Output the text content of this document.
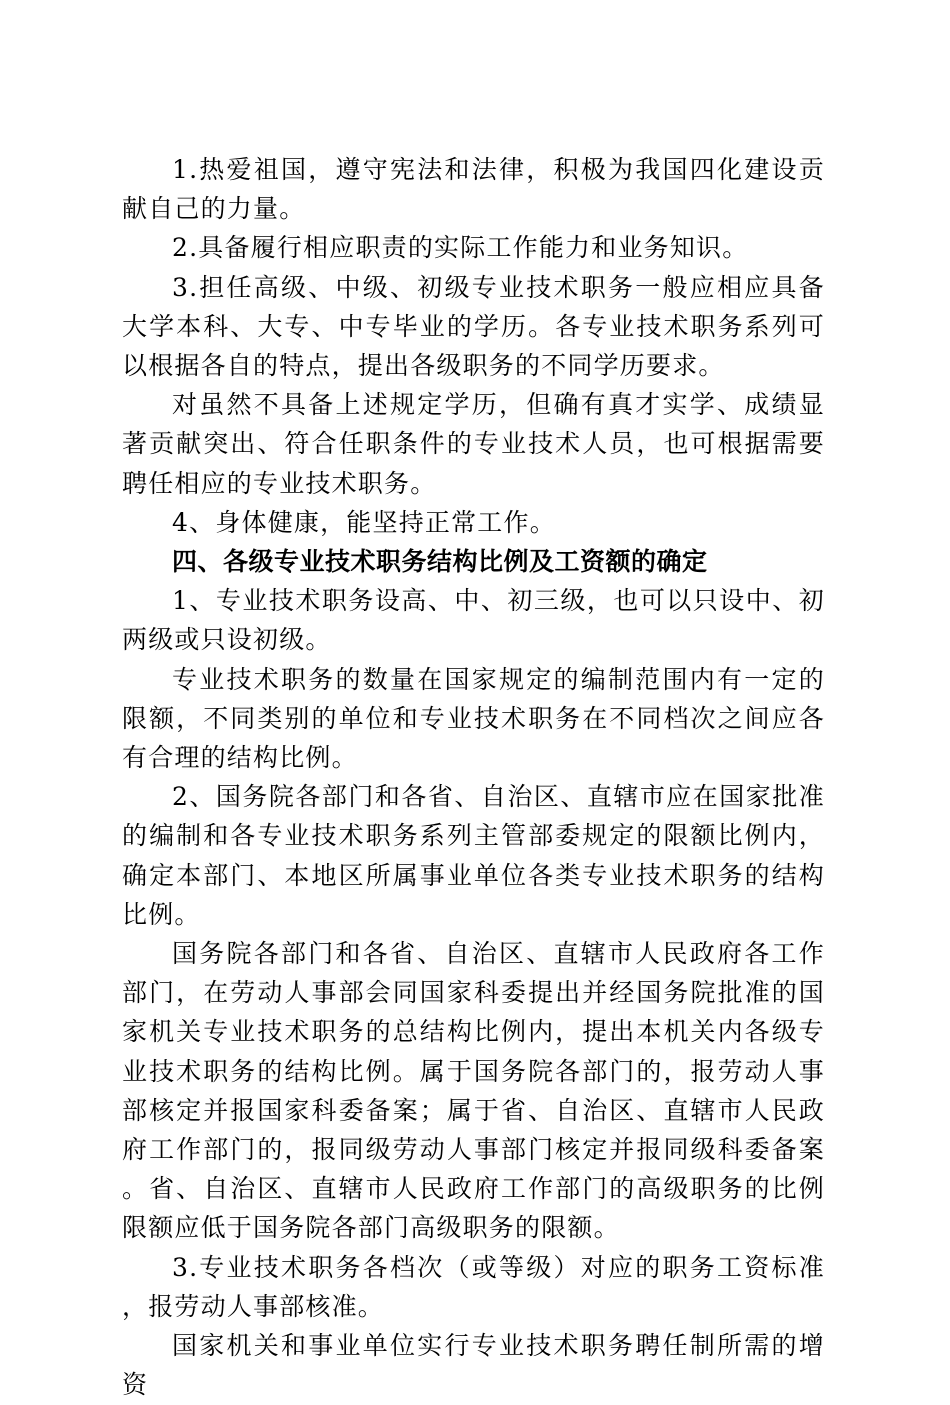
1.热爱祖国，遵守宪法和法律，积极为我国四化建设贡献自己的力量。

2.具备履行相应职责的实际工作能力和业务知识。

3.担任高级、中级、初级专业技术职务一般应相应具备大学本科、大专、中专毕业的学历。各专业技术职务系列可以根据各自的特点，提出各级职务的不同学历要求。

对虽然不具备上述规定学历，但确有真才实学、成绩显著贡献突出、符合任职条件的专业技术人员，也可根据需要聘任相应的专业技术职务。

4、身体健康，能坚持正常工作。

四、各级专业技术职务结构比例及工资额的确定

1、专业技术职务设高、中、初三级，也可以只设中、初两级或只设初级。

专业技术职务的数量在国家规定的编制范围内有一定的限额，不同类别的单位和专业技术职务在不同档次之间应各有合理的结构比例。

2、国务院各部门和各省、自治区、直辖市应在国家批准的编制和各专业技术职务系列主管部委规定的限额比例内，确定本部门、本地区所属事业单位各类专业技术职务的结构比例。

国务院各部门和各省、自治区、直辖市人民政府各工作部门，在劳动人事部会同国家科委提出并经国务院批准的国家机关专业技术职务的总结构比例内，提出本机关内各级专业技术职务的结构比例。属于国务院各部门的，报劳动人事部核定并报国家科委备案；属于省、自治区、直辖市人民政府工作部门的，报同级劳动人事部门核定并报同级科委备案。省、自治区、直辖市人民政府工作部门的高级职务的比例限额应低于国务院各部门高级职务的限额。

3.专业技术职务各档次（或等级）对应的职务工资标准，报劳动人事部核准。

国家机关和事业单位实行专业技术职务聘任制所需的增资
